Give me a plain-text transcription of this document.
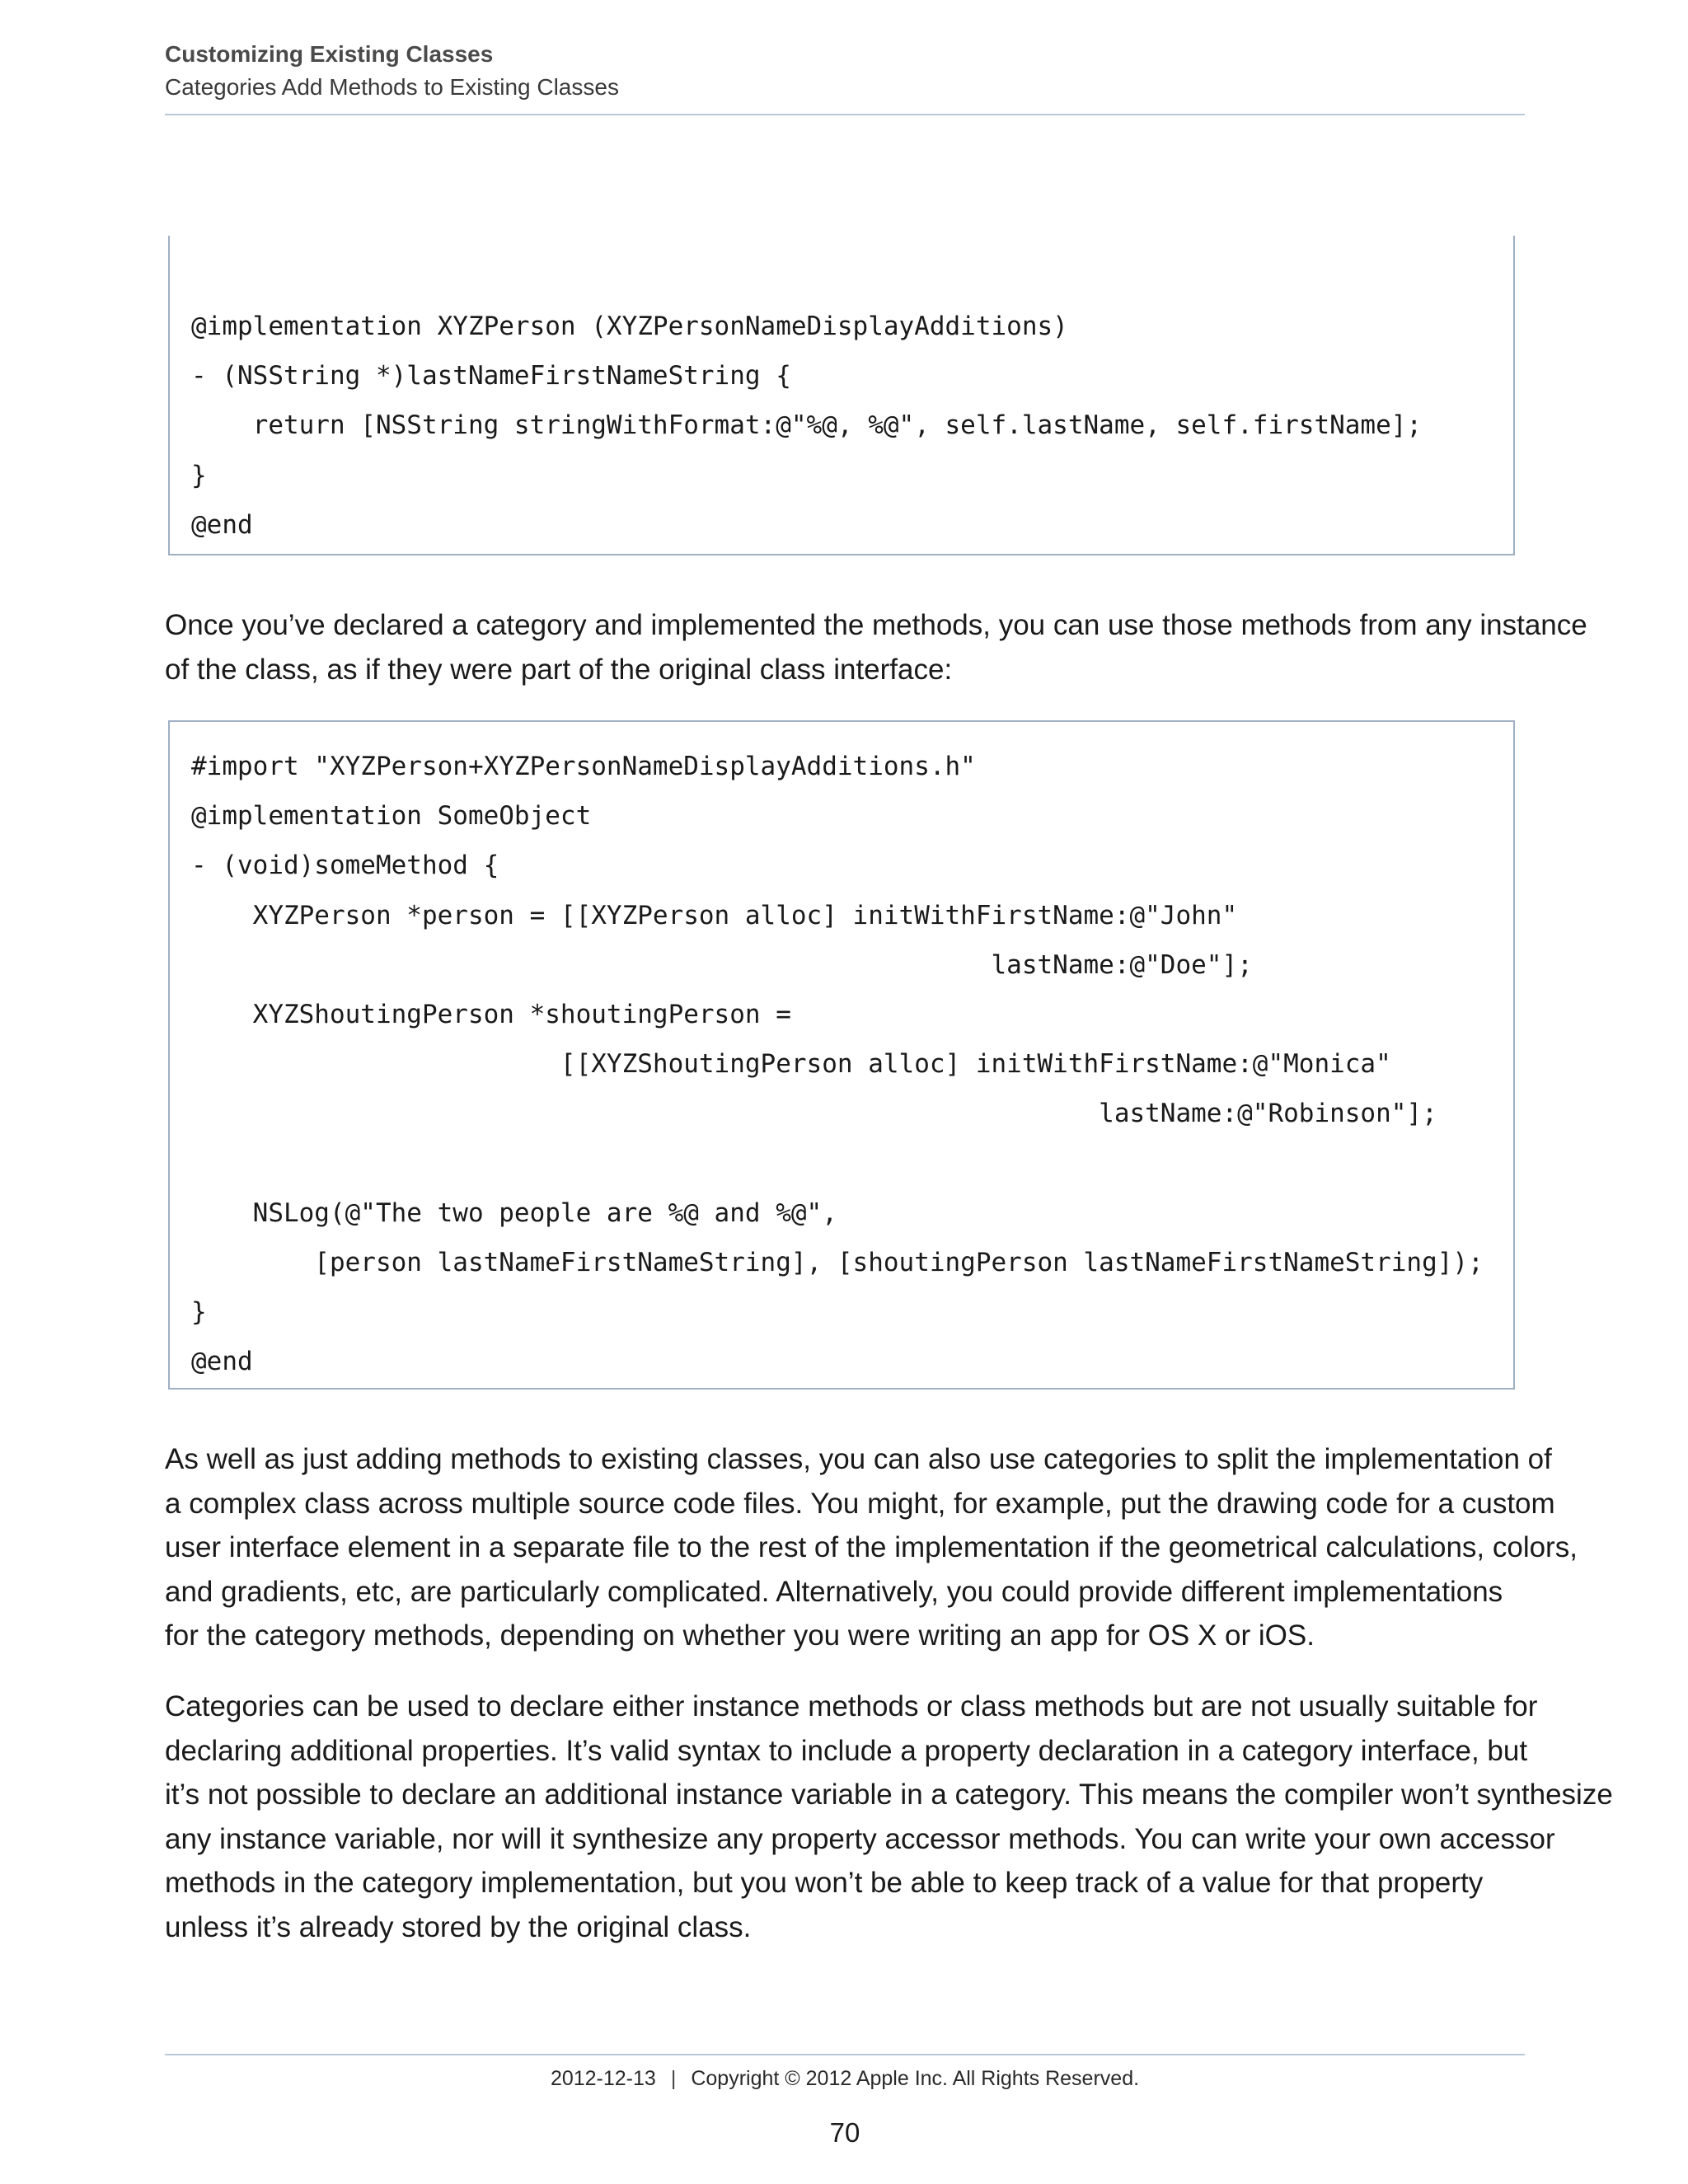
Customizing Existing Classes
Categories Add Methods to Existing Classes
@implementation XYZPerson (XYZPersonNameDisplayAdditions)
- (NSString *)lastNameFirstNameString {
return [NSString stringWithFormat:@"%@, %@", self.lastName, self.firstName];
}
@end
Once you’ve declared a category and implemented the methods, you can use those methods from any instance
of the class, as if they were part of the original class interface:
#import "XYZPerson+XYZPersonNameDisplayAdditions.h"
@implementation SomeObject
- (void)someMethod {
XYZPerson *person = [[XYZPerson alloc] initWithFirstName:@"John"
lastName:@"Doe"];
XYZShoutingPerson *shoutingPerson =
[[XYZShoutingPerson alloc] initWithFirstName:@"Monica"
lastName:@"Robinson"];
NSLog(@"The two people are %@ and %@",
[person lastNameFirstNameString], [shoutingPerson lastNameFirstNameString]);
}
@end
As well as just adding methods to existing classes, you can also use categories to split the implementation of
a complex class across multiple source code files. You might, for example, put the drawing code for a custom
user interface element in a separate file to the rest of the implementation if the geometrical calculations, colors,
and gradients, etc, are particularly complicated. Alternatively, you could provide different implementations
for the category methods, depending on whether you were writing an app for OS X or iOS.
Categories can be used to declare either instance methods or class methods but are not usually suitable for
declaring additional properties. It’s valid syntax to include a property declaration in a category interface, but
it’s not possible to declare an additional instance variable in a category. This means the compiler won’t synthesize
any instance variable, nor will it synthesize any property accessor methods. You can write your own accessor
methods in the category implementation, but you won’t be able to keep track of a value for that property
unless it’s already stored by the original class.
2012-12-13 | Copyright © 2012 Apple Inc. All Rights Reserved.
70
